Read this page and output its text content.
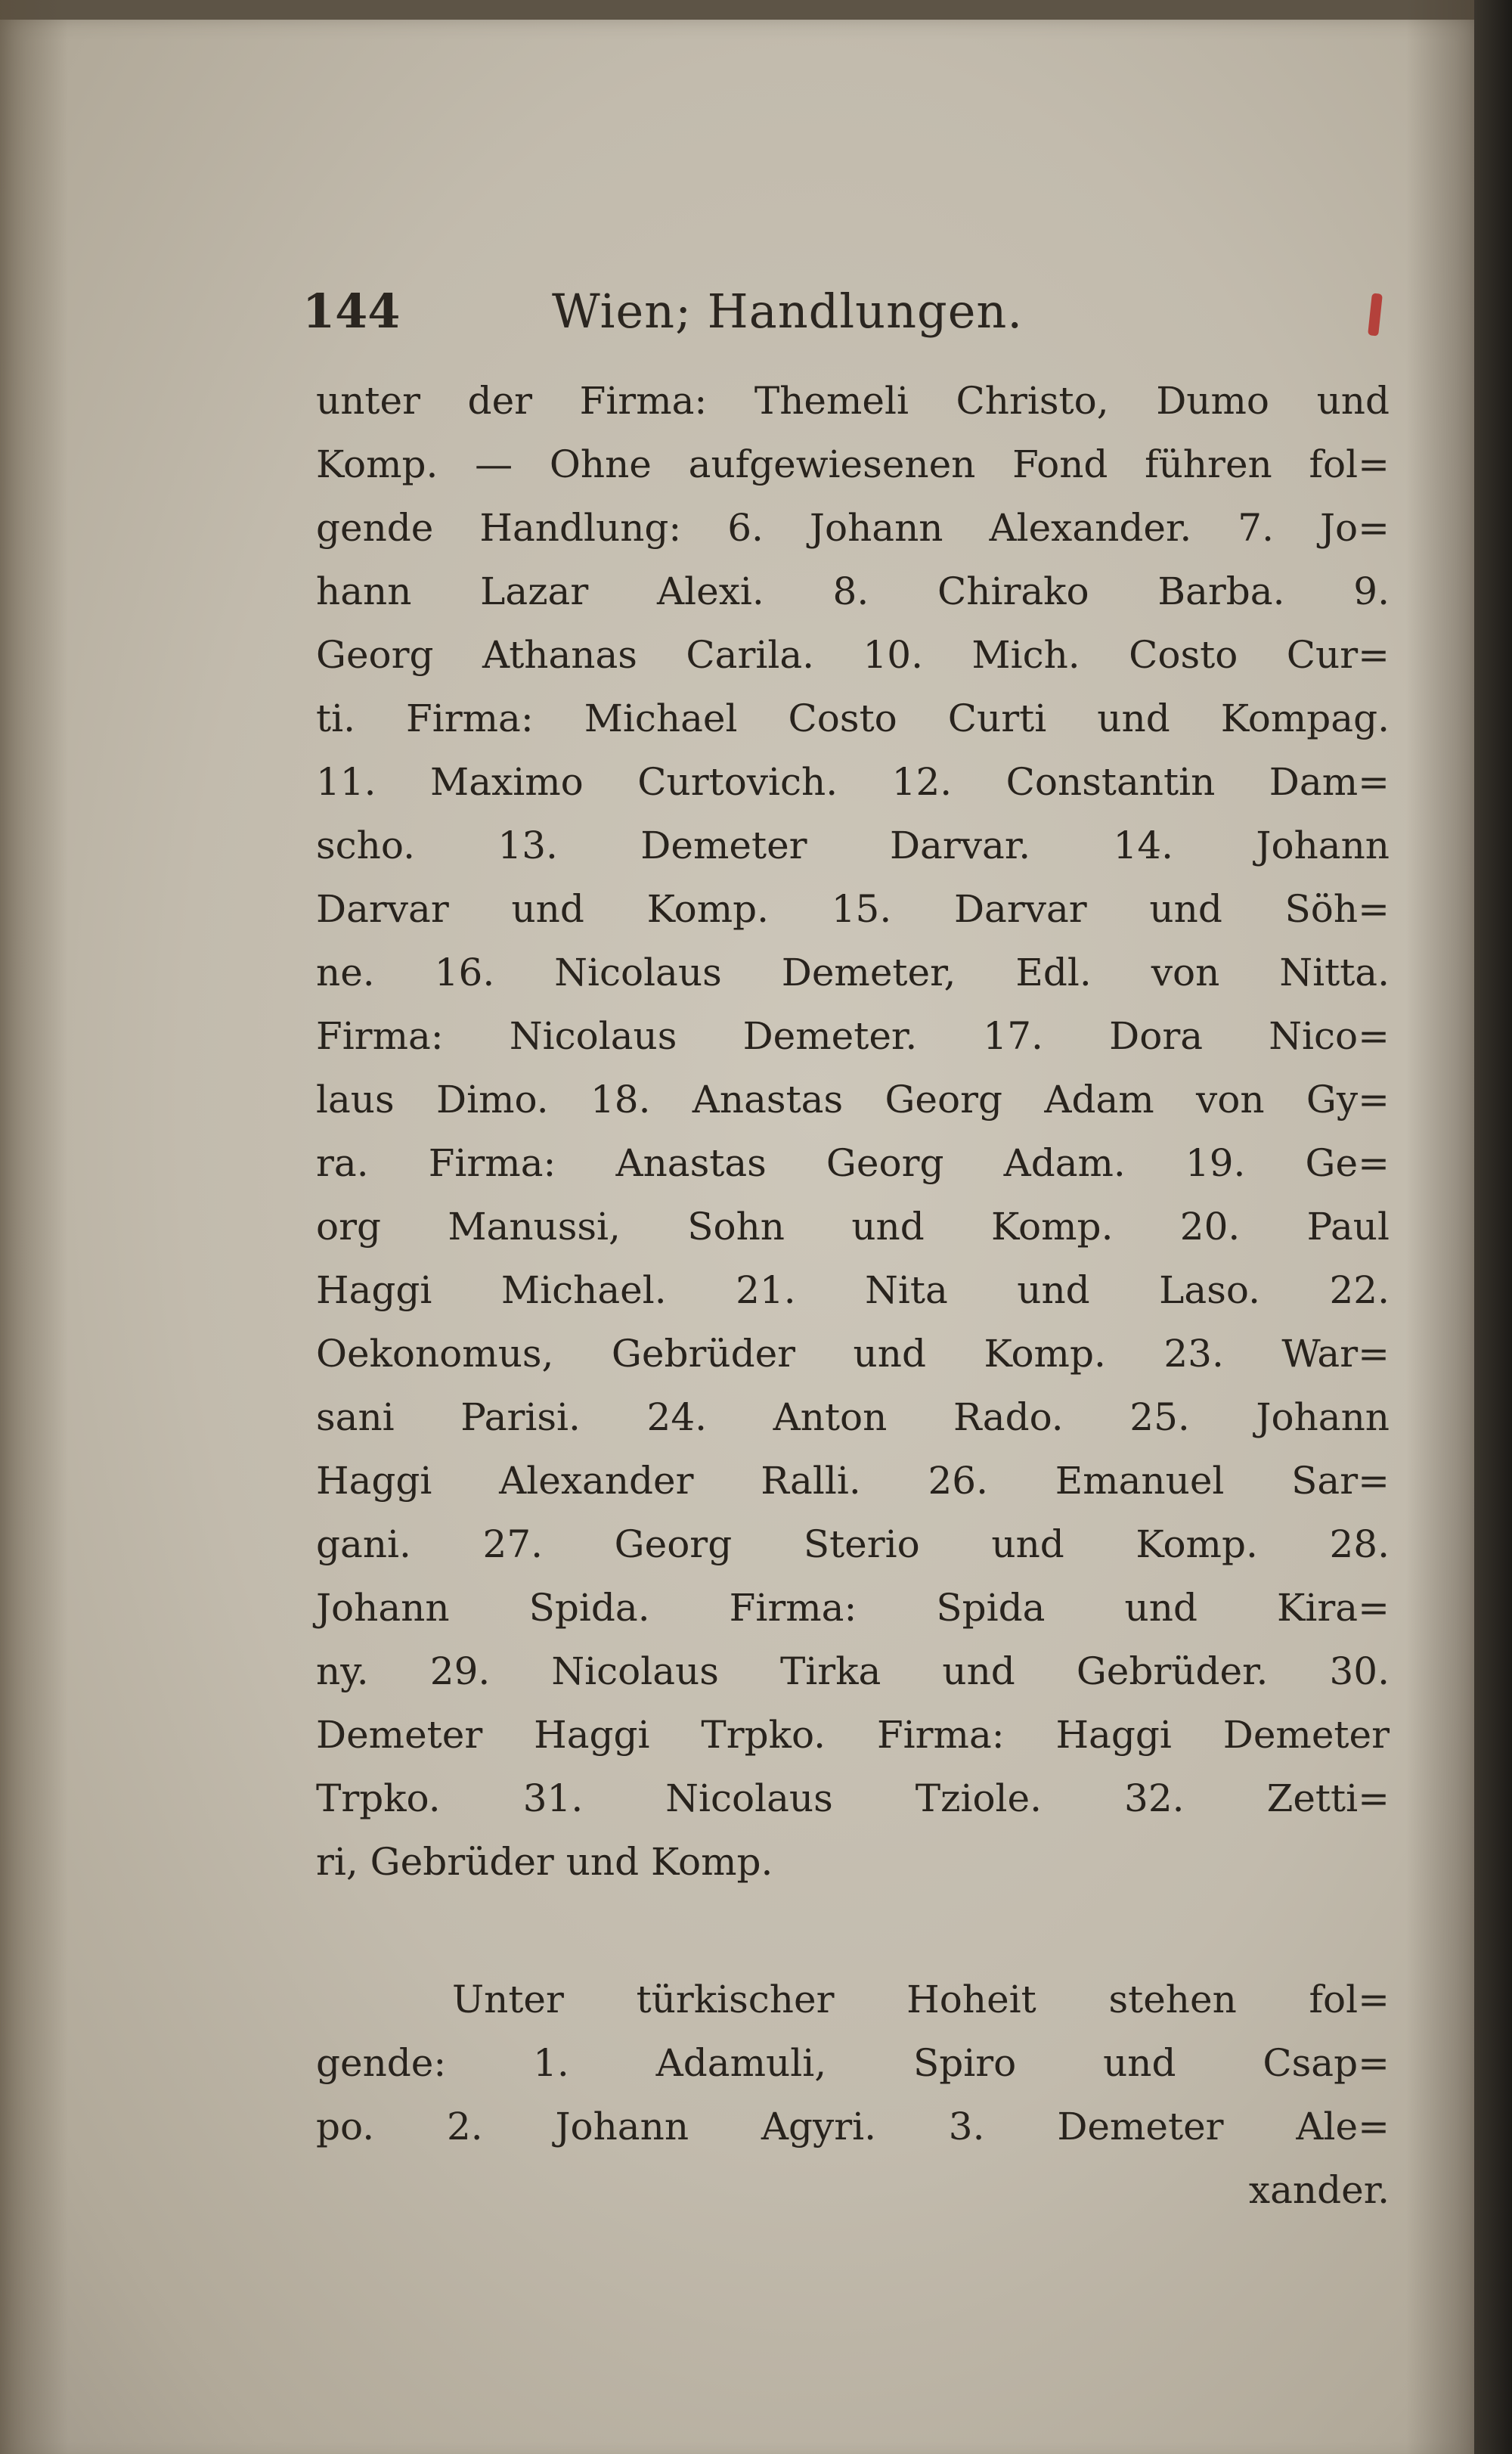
144	Wien; Handlungen.
unter der Firma: Themeli Christo, Dumo und
Komp. — Ohne aufgewiesenen Fond führen fol=
gende Handlung: 6. Johann Alexander. 7. Jo=
hann Lazar Alexi. 8. Chirako Barba. 9.
Georg Athanas Carila. 10. Mich. Costo Cur=
ti. Firma: Michael Costo Curti und Kompag.
11. Maximo Curtovich. 12. Constantin Dam=
scho. 13. Demeter Darvar. 14. Johann
Darvar und Komp. 15. Darvar und Söh=
ne. 16. Nicolaus Demeter, Edl. von Nitta.
Firma: Nicolaus Demeter. 17. Dora Nico=
laus Dimo. 18. Anastas Georg Adam von Gy=
ra. Firma: Anastas Georg Adam. 19. Ge=
org Manussi, Sohn und Komp. 20. Paul
Haggi Michael. 21. Nita und Laso. 22.
Oekonomus, Gebrüder und Komp. 23. War=
sani Parisi. 24. Anton Rado. 25. Johann
Haggi Alexander Ralli. 26. Emanuel Sar=
gani. 27. Georg Sterio und Komp. 28.
Johann Spida. Firma: Spida und Kira=
ny. 29. Nicolaus Tirka und Gebrüder. 30.
Demeter Haggi Trpko. Firma: Haggi Demeter
Trpko. 31. Nicolaus Tziole. 32. Zetti=
ri, Gebrüder und Komp.
Unter türkischer Hoheit stehen fol=
gende: 1. Adamuli, Spiro und Csap=
po. 2. Johann Agyri. 3. Demeter Ale=
xander.
